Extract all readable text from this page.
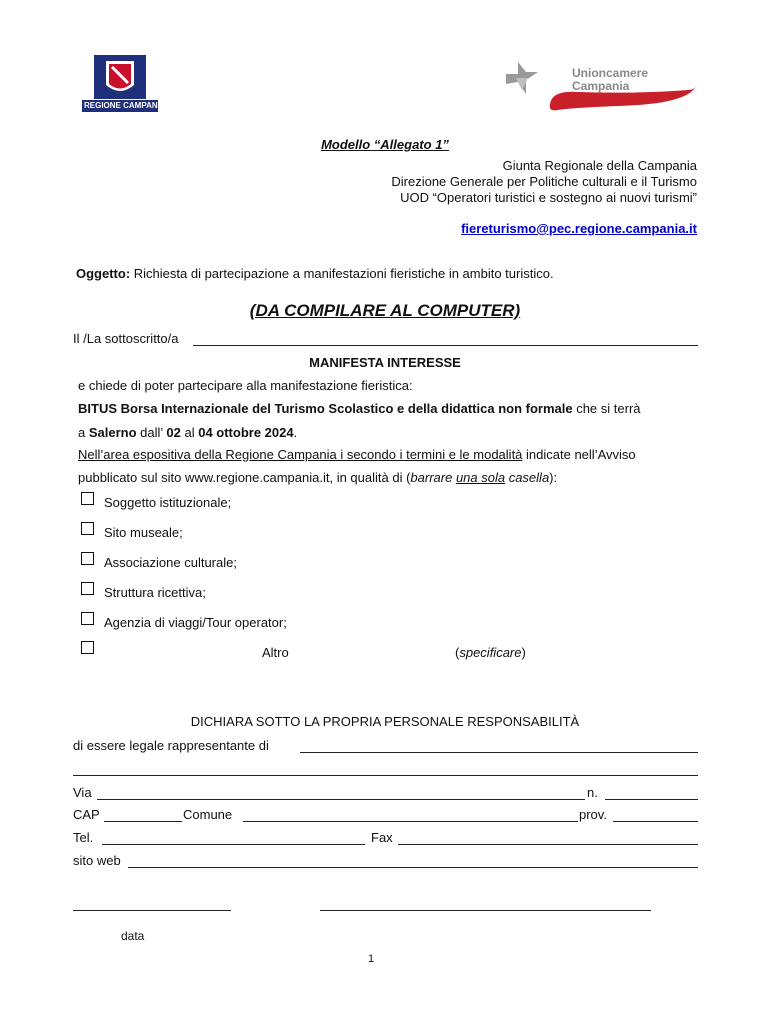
REGIONE CAMPANIA
Unioncamere
Campania
Modello “Allegato 1”
Giunta Regionale della Campania
Direzione Generale per Politiche culturali e il Turismo
UOD “Operatori turistici e sostegno ai nuovi turismi”
fiereturismo@pec.regione.campania.it
Oggetto: Richiesta di partecipazione a manifestazioni fieristiche in ambito turistico.
(DA COMPILARE AL COMPUTER)
Il /La sottoscritto/a
MANIFESTA INTERESSE
e chiede di poter partecipare alla manifestazione fieristica:
BITUS Borsa Internazionale del Turismo Scolastico e della didattica non formale che si terrà
a Salerno dall’ 02 al 04 ottobre 2024.
Nell’area espositiva della Regione Campania i secondo i termini e le modalità indicate nell’Avviso
pubblicato sul sito www.regione.campania.it, in qualità di (barrare una sola casella):
Soggetto istituzionale;
Sito museale;
Associazione culturale;
Struttura ricettiva;
Agenzia di viaggi/Tour operator;
Altro	(specificare)
DICHIARA SOTTO LA PROPRIA PERSONALE RESPONSABILITÀ
di essere legale rappresentante di
Via	n.
CAP	Comune	prov.
Tel.	Fax
sito web
data
1
